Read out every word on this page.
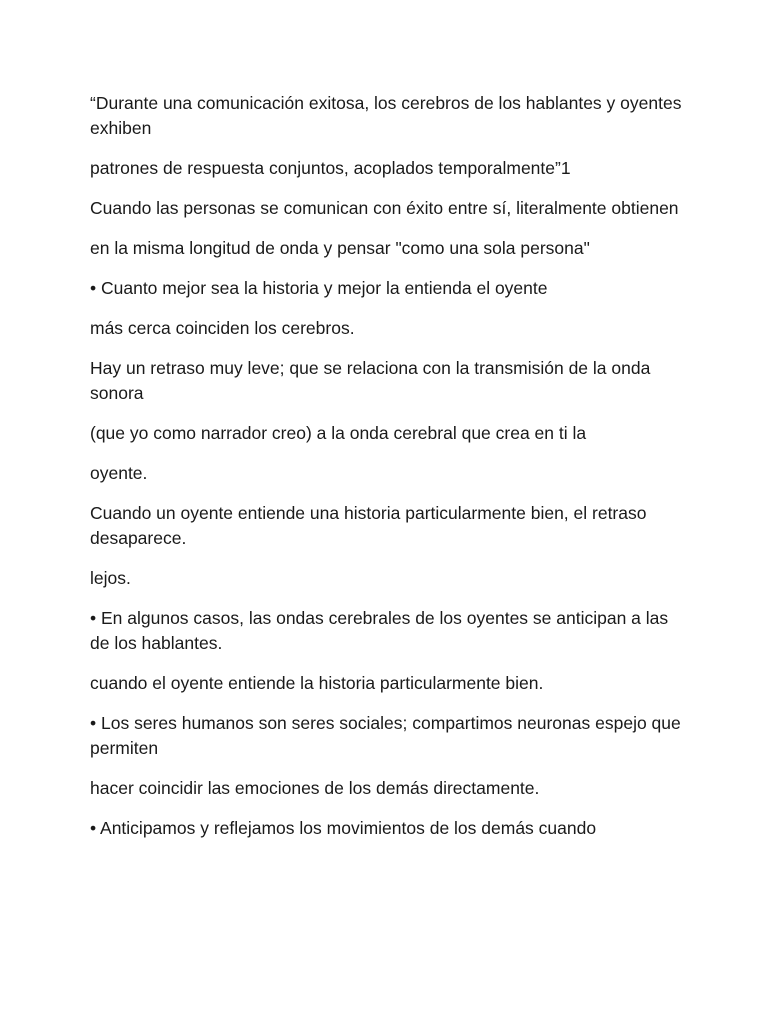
“Durante una comunicación exitosa, los cerebros de los hablantes y oyentes exhiben

patrones de respuesta conjuntos, acoplados temporalmente”1

Cuando las personas se comunican con éxito entre sí, literalmente obtienen

en la misma longitud de onda y pensar "como una sola persona"

• Cuanto mejor sea la historia y mejor la entienda el oyente

más cerca coinciden los cerebros.

Hay un retraso muy leve; que se relaciona con la transmisión de la onda sonora

(que yo como narrador creo) a la onda cerebral que crea en ti la

oyente.

Cuando un oyente entiende una historia particularmente bien, el retraso desaparece.

lejos.

• En algunos casos, las ondas cerebrales de los oyentes se anticipan a las de los hablantes.

cuando el oyente entiende la historia particularmente bien.

• Los seres humanos son seres sociales; compartimos neuronas espejo que permiten

hacer coincidir las emociones de los demás directamente.

• Anticipamos y reflejamos los movimientos de los demás cuando
